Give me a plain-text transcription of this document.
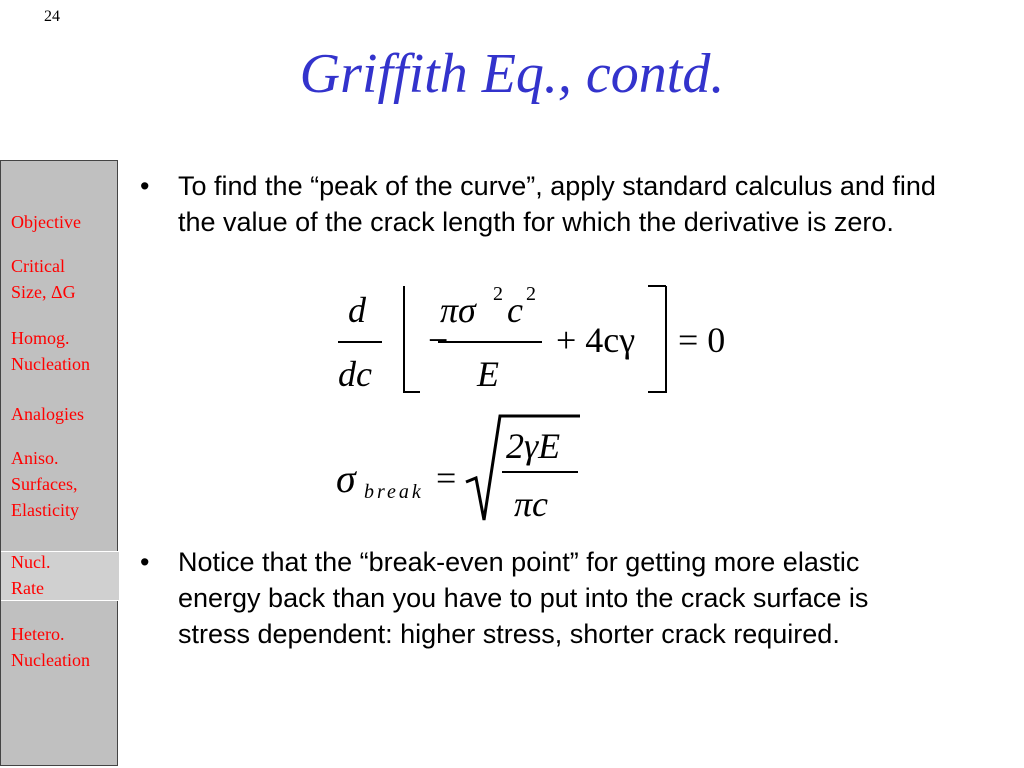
24
Griffith Eq., contd.
Objective
Critical
Size, ΔG
Homog.
Nucleation
Analogies
Aniso.
Surfaces,
Elasticity
Nucl.
Rate
Hetero.
Nucleation
• To find the “peak of the curve”, apply standard calculus and find the value of the crack length for which the derivative is zero.
d
dc
−
πσ 2 c 2
E
+ 4cγ = 0
σ break =
2γE
πc
• Notice that the “break-even point” for getting more elastic energy back than you have to put into the crack surface is stress dependent: higher stress, shorter crack required.
